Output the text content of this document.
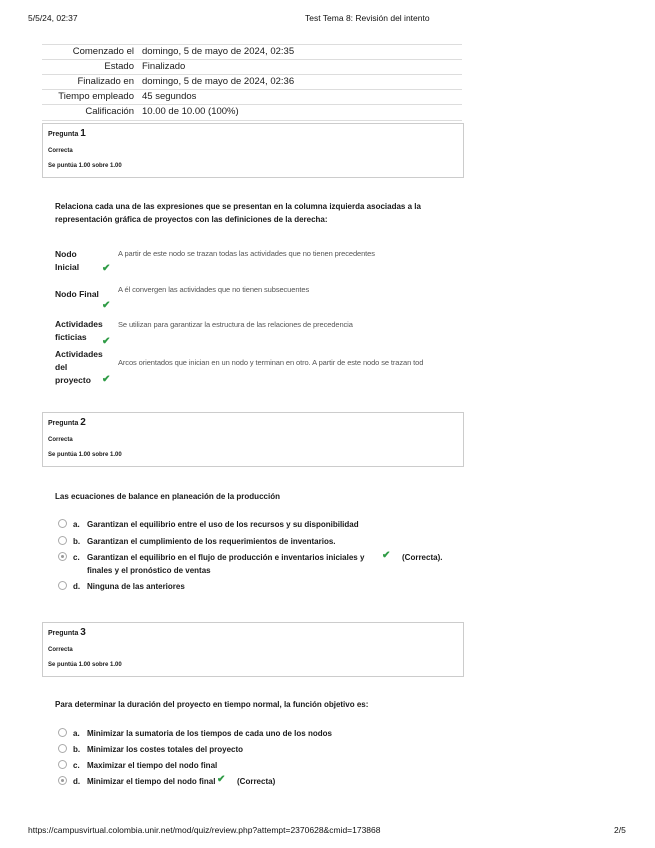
5/5/24, 02:37	Test Tema 8: Revisión del intento
Comenzado el domingo, 5 de mayo de 2024, 02:35
Estado Finalizado
Finalizado en domingo, 5 de mayo de 2024, 02:36
Tiempo empleado 45 segundos
Calificación 10.00 de 10.00 (100%)
Pregunta 1
Correcta
Se puntúa 1.00 sobre 1.00
Relaciona cada una de las expresiones que se presentan en la columna izquierda asociadas a la
representación gráfica de proyectos con las definiciones de la derecha:
Nodo
Inicial ✔
A partir de este nodo se trazan todas las actividades que no tienen precedentes
Nodo Final
✔
A él convergen las actividades que no tienen subsecuentes
Actividades
ficticias	✔
Se utilizan para garantizar la estructura de las relaciones de precedencia
Actividades
del
proyecto	✔
Arcos orientados que inician en un nodo y terminan en otro. A partir de este nodo se trazan tod
Pregunta 2
Correcta
Se puntúa 1.00 sobre 1.00
Las ecuaciones de balance en planeación de la producción
a. Garantizan el equilibrio entre el uso de los recursos y su disponibilidad
b. Garantizan el cumplimiento de los requerimientos de inventarios.
c. Garantizan el equilibrio en el flujo de producción e inventarios iniciales y
finales y el pronóstico de ventas
✔ (Correcta).
d. Ninguna de las anteriores
Pregunta 3
Correcta
Se puntúa 1.00 sobre 1.00
Para determinar la duración del proyecto en tiempo normal, la función objetivo es:
a. Minimizar la sumatoria de los tiempos de cada uno de los nodos
b. Minimizar los costes totales del proyecto
c. Maximizar el tiempo del nodo final
d. Minimizar el tiempo del nodo final ✔ (Correcta)
https://campusvirtual.colombia.unir.net/mod/quiz/review.php?attempt=2370628&cmid=173868	2/5
